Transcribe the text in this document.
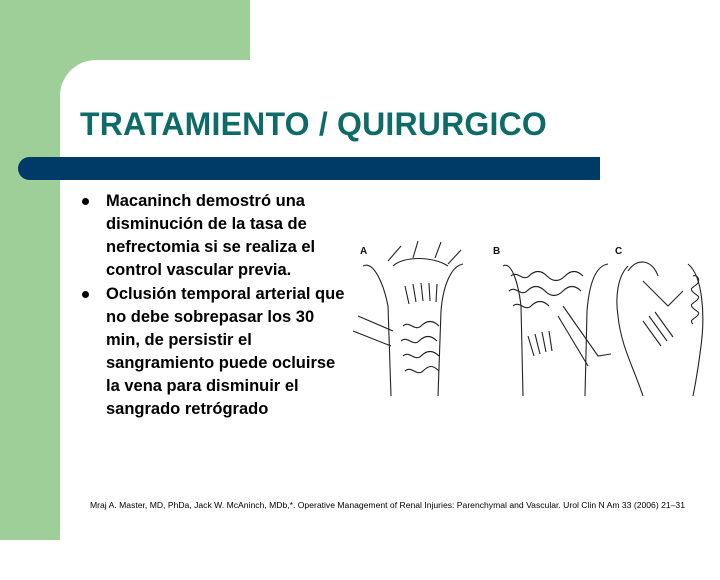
TRATAMIENTO / QUIRURGICO
Macaninch demostró una disminución de la tasa de nefrectomia si se realiza el control vascular previa.
Oclusión temporal arterial que no debe sobrepasar los 30 min, de persistir el sangramiento puede ocluirse la vena para disminuir el sangrado retrógrado
A	B	C
Mraj A. Master, MD, PhDa, Jack W. McAninch, MDb,*. Operative Management of Renal Injuries: Parenchymal and Vascular. Urol Clin N Am 33 (2006) 21–31
